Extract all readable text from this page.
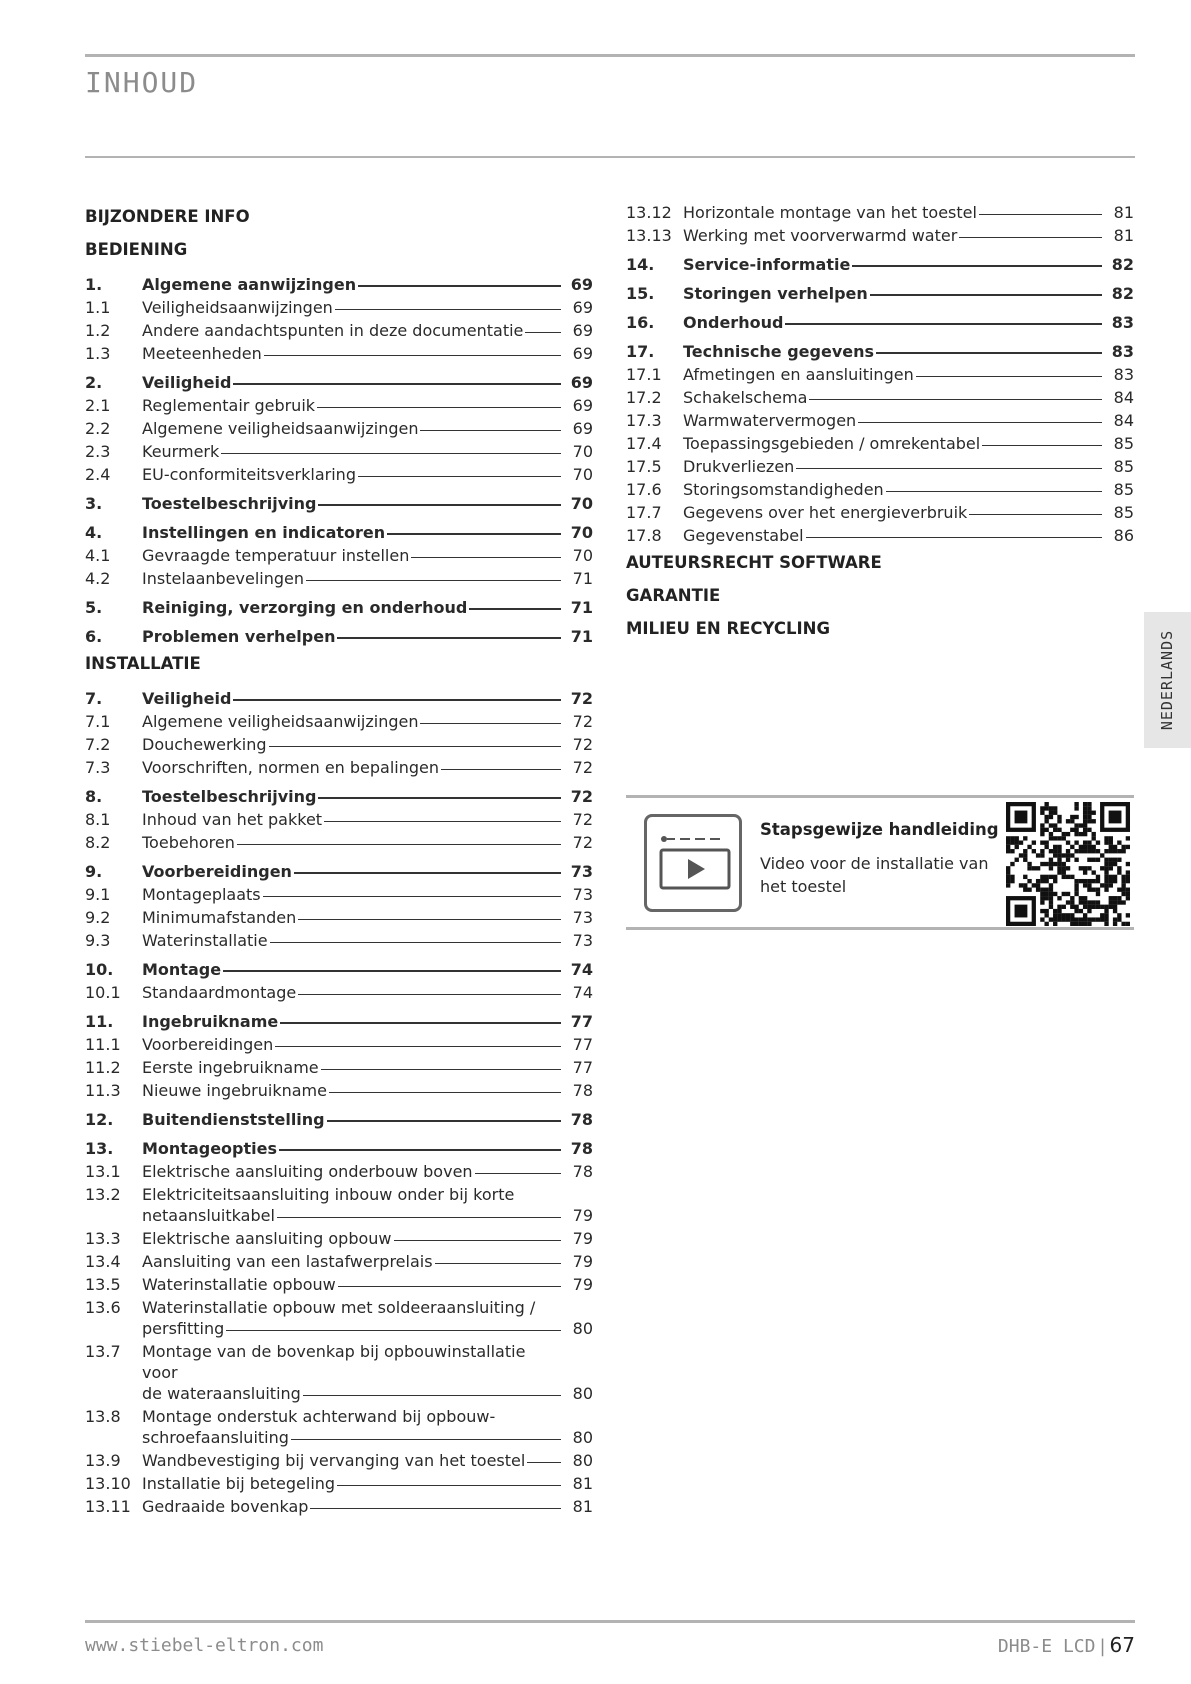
INHOUD
BIJZONDERE INFO
BEDIENING
1.	Algemene aanwijzingen	69
1.1	Veiligheidsaanwijzingen	69
1.2	Andere aandachtspunten in deze documentatie	69
1.3	Meeteenheden	69
2.	Veiligheid	69
2.1	Reglementair gebruik	69
2.2	Algemene veiligheidsaanwijzingen	69
2.3	Keurmerk	70
2.4	EU-conformiteitsverklaring	70
3.	Toestelbeschrijving	70
4.	Instellingen en indicatoren	70
4.1	Gevraagde temperatuur instellen	70
4.2	Instelaanbevelingen	71
5.	Reiniging, verzorging en onderhoud	71
6.	Problemen verhelpen	71
INSTALLATIE
7.	Veiligheid	72
7.1	Algemene veiligheidsaanwijzingen	72
7.2	Douchewerking	72
7.3	Voorschriften, normen en bepalingen	72
8.	Toestelbeschrijving	72
8.1	Inhoud van het pakket	72
8.2	Toebehoren	72
9.	Voorbereidingen	73
9.1	Montageplaats	73
9.2	Minimumafstanden	73
9.3	Waterinstallatie	73
10.	Montage	74
10.1	Standaardmontage	74
11.	Ingebruikname	77
11.1	Voorbereidingen	77
11.2	Eerste ingebruikname	77
11.3	Nieuwe ingebruikname	78
12.	Buitendienststelling	78
13.	Montageopties	78
13.1	Elektrische aansluiting onderbouw boven	78
13.2	Elektriciteitsaansluiting inbouw onder bij korte
netaansluitkabel	79
13.3	Elektrische aansluiting opbouw	79
13.4	Aansluiting van een lastafwerprelais	79
13.5	Waterinstallatie opbouw	79
13.6	Waterinstallatie opbouw met soldeeraansluiting /
persfitting	80
13.7	Montage van de bovenkap bij opbouwinstallatie voor
de wateraansluiting	80
13.8	Montage onderstuk achterwand bij opbouw-
schroefaansluiting	80
13.9	Wandbevestiging bij vervanging van het toestel	80
13.10 Installatie bij betegeling	81
13.11 Gedraaide bovenkap	81
13.12 Horizontale montage van het toestel	81
13.13 Werking met voorverwarmd water	81
14.	Service-informatie	82
15.	Storingen verhelpen	82
16.	Onderhoud	83
17.	Technische gegevens	83
17.1	Afmetingen en aansluitingen	83
17.2	Schakelschema	84
17.3	Warmwatervermogen	84
17.4	Toepassingsgebieden / omrekentabel	85
17.5	Drukverliezen	85
17.6	Storingsomstandigheden	85
17.7	Gegevens over het energieverbruik	85
17.8	Gegevenstabel	86
AUTEURSRECHT SOFTWARE
GARANTIE
MILIEU EN RECYCLING
NEDERLANDS
Stapsgewijze handleiding
Video voor de installatie van het toestel
www.stiebel-eltron.com	DHB-E LCD | 67
